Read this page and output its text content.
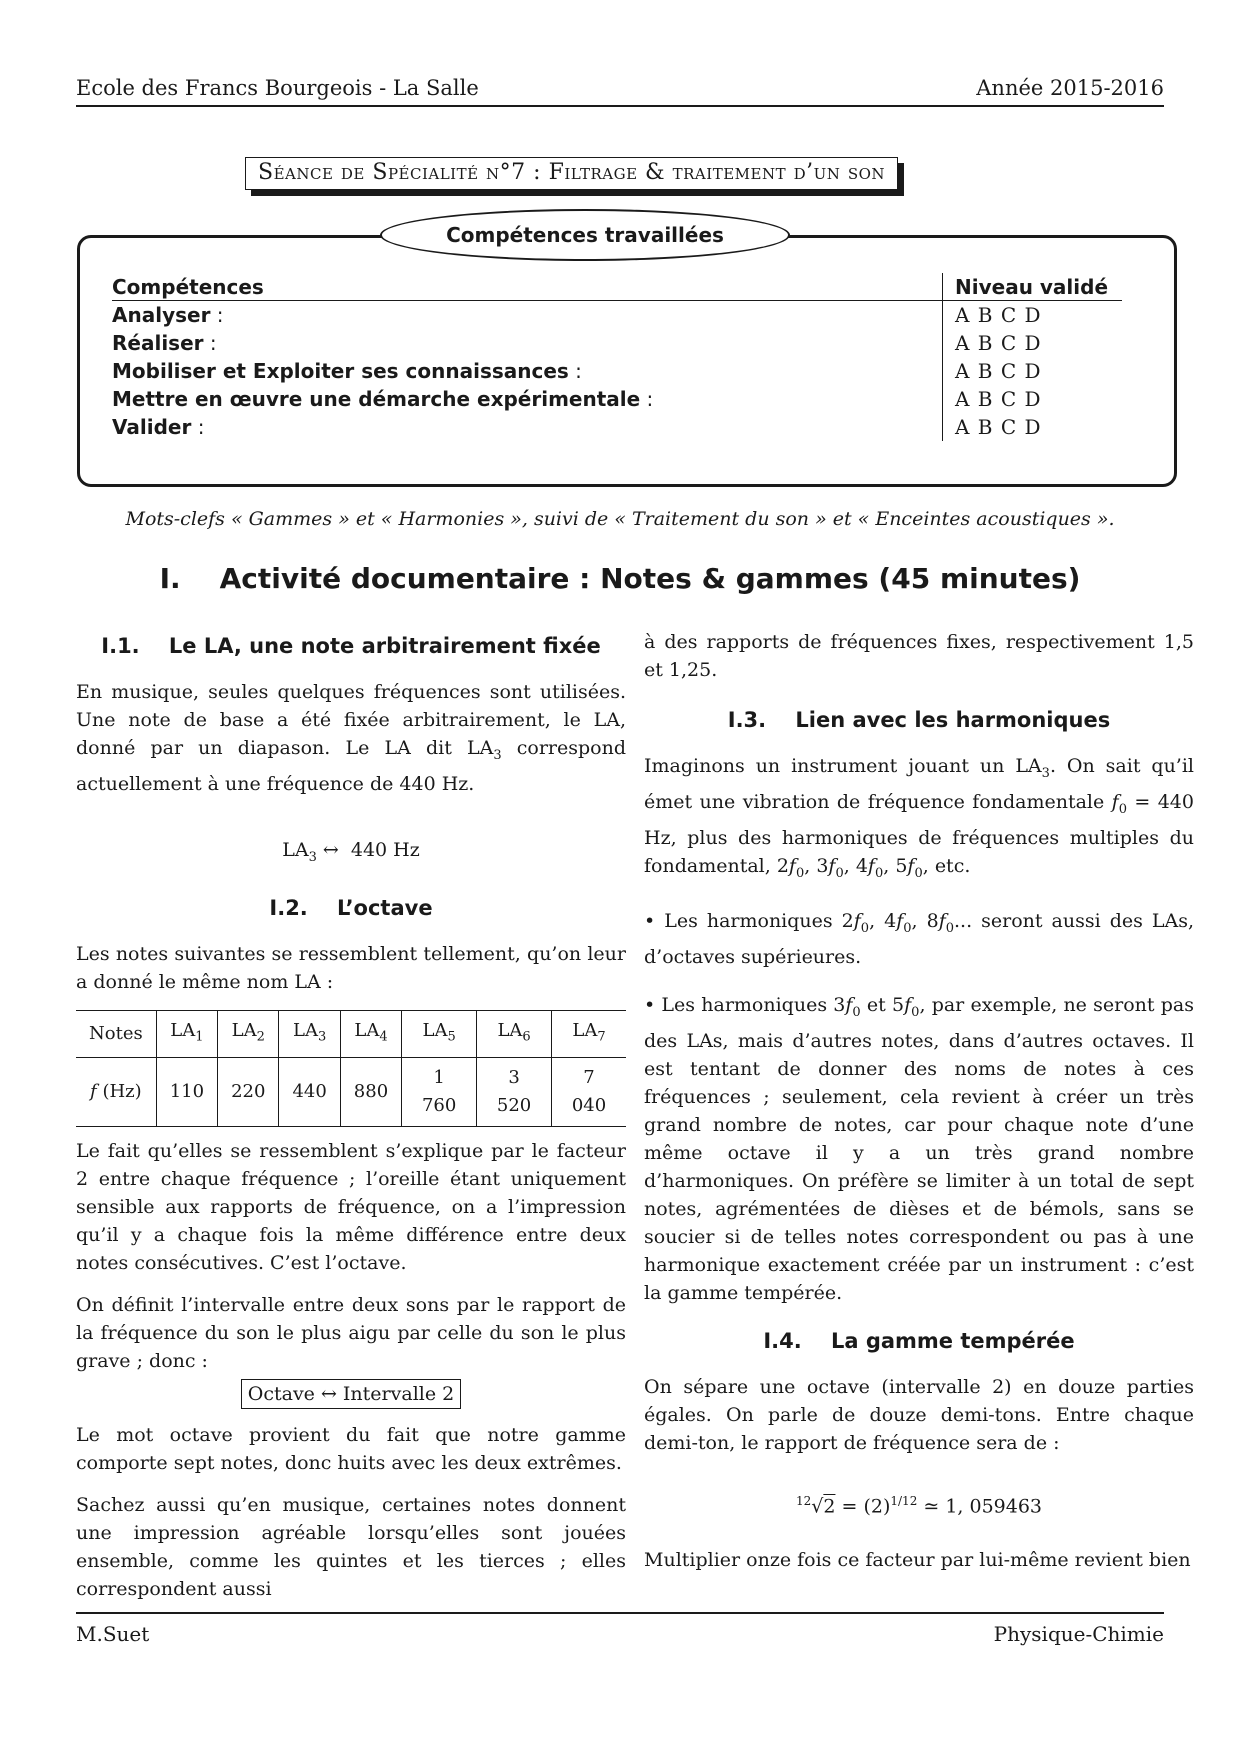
Ecole des Francs Bourgeois - La Salle	Année 2015-2016
Séance de Spécialité n°7 : Filtrage & traitement d’un son
Compétences travaillées
Compétences	Niveau validé
Analyser :	A B C D
Réaliser :	A B C D
Mobiliser et Exploiter ses connaissances :	A B C D
Mettre en œuvre une démarche expérimentale :	A B C D
Valider :	A B C D
Mots-clefs « Gammes » et « Harmonies », suivi de « Traitement du son » et « Enceintes acoustiques ».
I.    Activité documentaire : Notes & gammes (45 minutes)
I.1.    Le LA, une note arbitrairement fixée
En musique, seules quelques fréquences sont utilisées. Une note de base a été fixée arbitrairement, le LA, donné par un diapason. Le LA dit $LA_3$ correspond actuellement à une fréquence de 440 Hz.
$LA_3$ ↔  440 Hz
I.2.    L’octave
Les notes suivantes se ressemblent tellement, qu’on leur a donné le même nom LA :
Notes	$LA_1$	$LA_2$	$LA_3$	$LA_4$	$LA_5$	$LA_6$	$LA_7$
f (Hz)	110	220	440	880	1 760	3 520	7 040
Le fait qu’elles se ressemblent s’explique par le facteur 2 entre chaque fréquence ; l’oreille étant uniquement sensible aux rapports de fréquence, on a l’impression qu’il y a chaque fois la même différence entre deux notes consécutives. C’est l’octave.
On définit l’intervalle entre deux sons par le rapport de la fréquence du son le plus aigu par celle du son le plus grave ; donc :
Octave ↔ Intervalle 2
Le mot octave provient du fait que notre gamme comporte sept notes, donc huits avec les deux extrêmes.
Sachez aussi qu’en musique, certaines notes donnent une impression agréable lorsqu’elles sont jouées ensemble, comme les quintes et les tierces ; elles correspondent aussi
à des rapports de fréquences fixes, respectivement 1,5 et 1,25.
I.3.    Lien avec les harmoniques
Imaginons un instrument jouant un $LA_3$. On sait qu’il émet une vibration de fréquence fondamentale $f_0 = 440$ Hz, plus des harmoniques de fréquences multiples du fondamental, $2f_0$, $3f_0$, $4f_0$, $5f_0$, etc.
• Les harmoniques $2f_0$, $4f_0$, $8f_0$... seront aussi des LAs, d’octaves supérieures.
• Les harmoniques $3f_0$ et $5f_0$, par exemple, ne seront pas des LAs, mais d’autres notes, dans d’autres octaves. Il est tentant de donner des noms de notes à ces fréquences ; seulement, cela revient à créer un très grand nombre de notes, car pour chaque note d’une même octave il y a un très grand nombre d’harmoniques. On préfère se limiter à un total de sept notes, agrémentées de dièses et de bémols, sans se soucier si de telles notes correspondent ou pas à une harmonique exactement créée par un instrument : c’est la gamme tempérée.
I.4.    La gamme tempérée
On sépare une octave (intervalle 2) en douze parties égales. On parle de douze demi-tons. Entre chaque demi-ton, le rapport de fréquence sera de :
$^{12}√2 = (2)^{1/12}$ ≃ 1, 059463
Multiplier onze fois ce facteur par lui-même revient bien
M.Suet	Physique-Chimie
